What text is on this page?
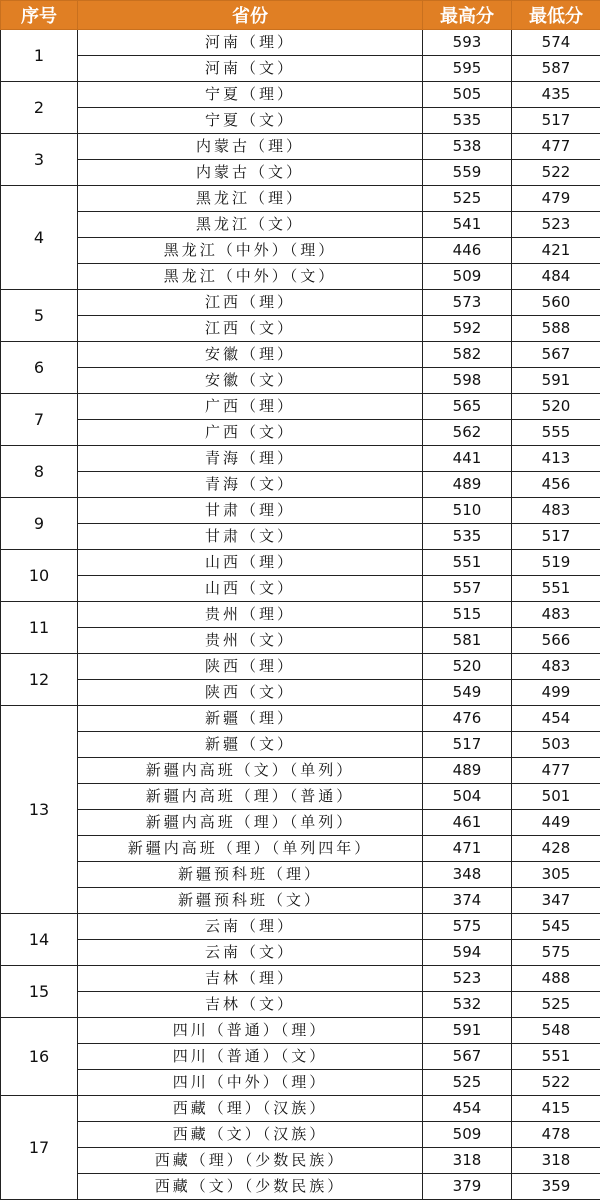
序号	省份	最高分	最低分
1	河南（理）	593	574
	河南（文）	595	587
2	宁夏（理）	505	435
	宁夏（文）	535	517
3	内蒙古（理）	538	477
	内蒙古（文）	559	522
4	黑龙江（理）	525	479
	黑龙江（文）	541	523
	黑龙江（中外）（理）	446	421
	黑龙江（中外）（文）	509	484
5	江西（理）	573	560
	江西（文）	592	588
6	安徽（理）	582	567
	安徽（文）	598	591
7	广西（理）	565	520
	广西（文）	562	555
8	青海（理）	441	413
	青海（文）	489	456
9	甘肃（理）	510	483
	甘肃（文）	535	517
10	山西（理）	551	519
	山西（文）	557	551
11	贵州（理）	515	483
	贵州（文）	581	566
12	陕西（理）	520	483
	陕西（文）	549	499
13	新疆（理）	476	454
	新疆（文）	517	503
	新疆内高班（文）（单列）	489	477
	新疆内高班（理）（普通）	504	501
	新疆内高班（理）（单列）	461	449
	新疆内高班（理）（单列四年）	471	428
	新疆预科班（理）	348	305
	新疆预科班（文）	374	347
14	云南（理）	575	545
	云南（文）	594	575
15	吉林（理）	523	488
	吉林（文）	532	525
16	四川（普通）（理）	591	548
	四川（普通）（文）	567	551
	四川（中外）（理）	525	522
17	西藏（理）（汉族）	454	415
	西藏（文）（汉族）	509	478
	西藏（理）（少数民族）	318	318
	西藏（文）（少数民族）	379	359
